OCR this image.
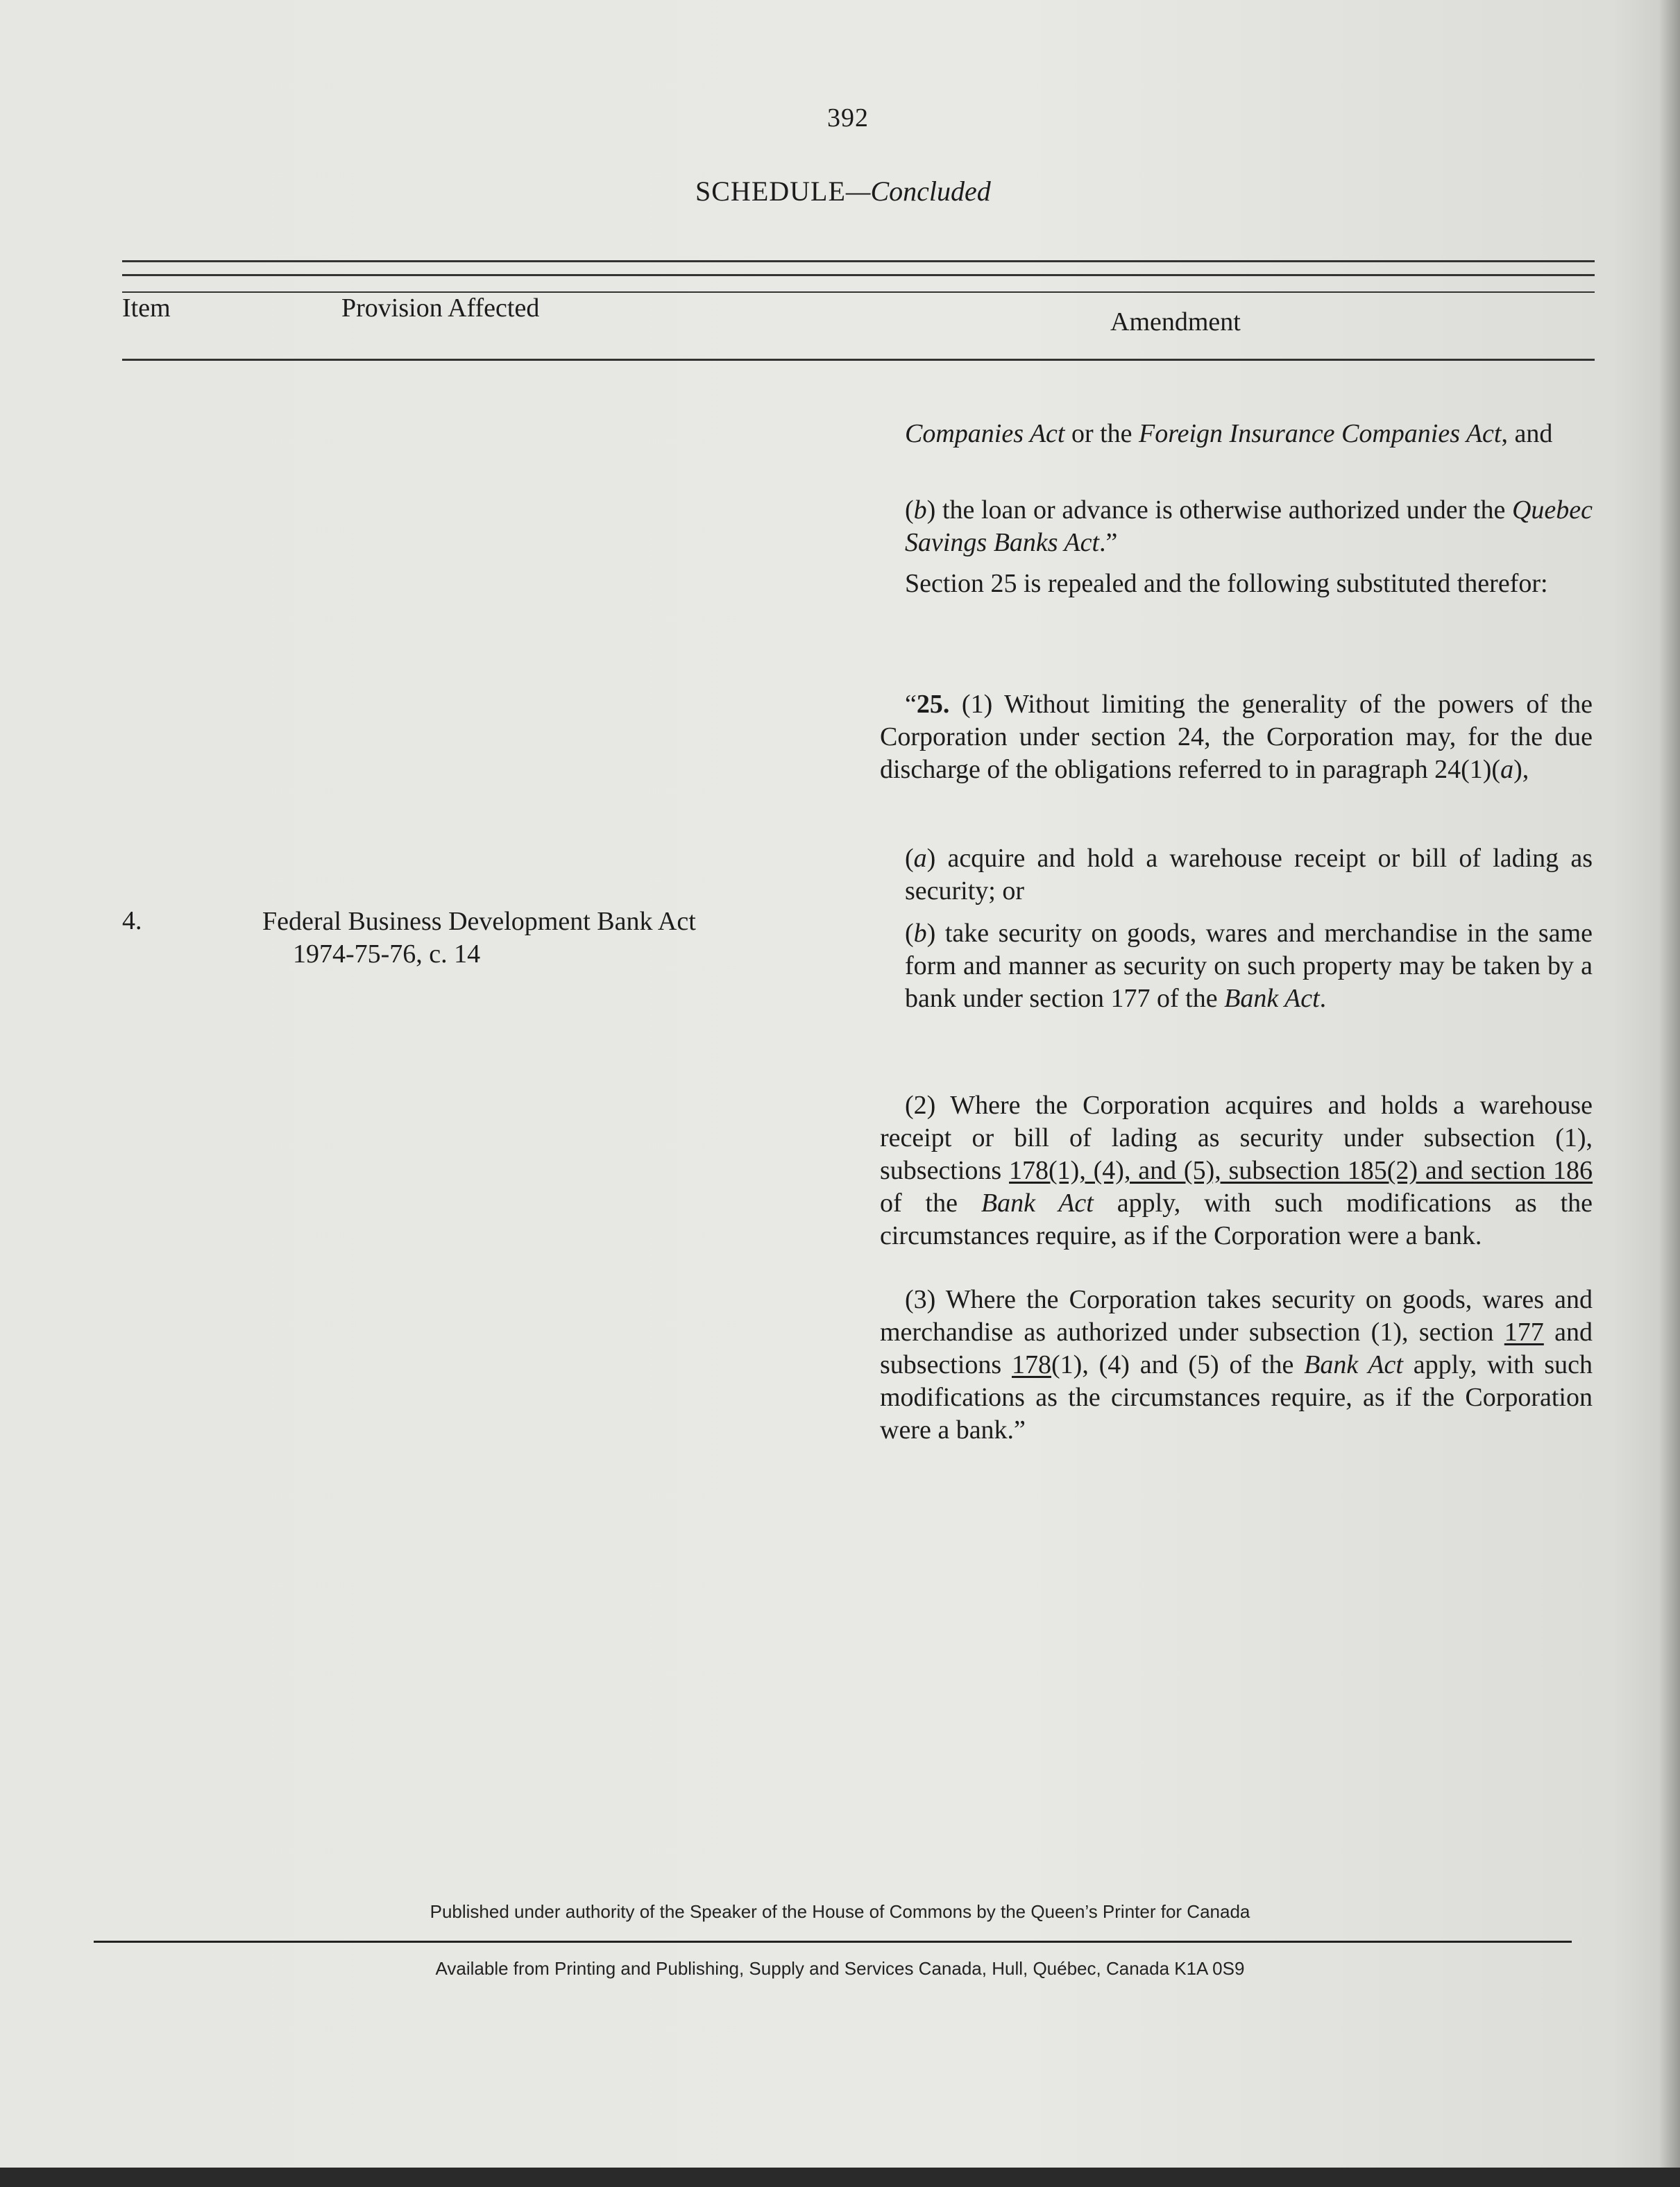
392
SCHEDULE—Concluded
Item	Provision Affected	Amendment
4.	Federal Business Development Bank Act
1974-75-76, c. 14

Companies Act or the Foreign Insurance Companies Act, and

(b) the loan or advance is otherwise authorized under the Quebec Savings Banks Act.”

Section 25 is repealed and the following substituted therefor:

“25. (1) Without limiting the generality of the powers of the Corporation under section 24, the Corporation may, for the due discharge of the obligations referred to in paragraph 24(1)(a),

(a) acquire and hold a warehouse receipt or bill of lading as security; or

(b) take security on goods, wares and merchandise in the same form and manner as security on such property may be taken by a bank under section 177 of the Bank Act.

(2) Where the Corporation acquires and holds a warehouse receipt or bill of lading as security under subsection (1), subsections 178(1), (4), and (5), subsection 185(2) and section 186 of the Bank Act apply, with such modifications as the circumstances require, as if the Corporation were a bank.

(3) Where the Corporation takes security on goods, wares and merchandise as authorized under subsection (1), section 177 and subsections 178(1), (4) and (5) of the Bank Act apply, with such modifications as the circumstances require, as if the Corporation were a bank.”

Published under authority of the Speaker of the House of Commons by the Queen’s Printer for Canada
Available from Printing and Publishing, Supply and Services Canada, Hull, Québec, Canada K1A 0S9
